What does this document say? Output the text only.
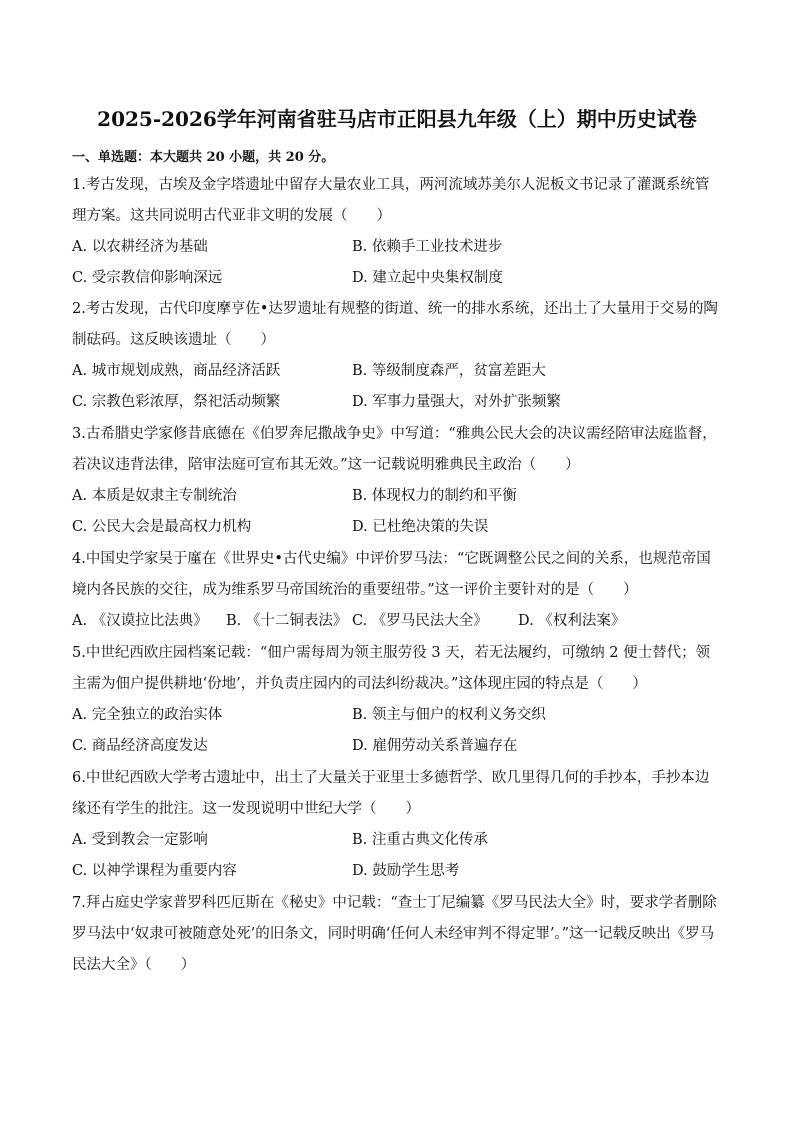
2025-2026学年河南省驻马店市正阳县九年级（上）期中历史试卷
一、单选题：本大题共 20 小题，共 20 分。
1.考古发现，古埃及金字塔遗址中留存大量农业工具，两河流域苏美尔人泥板文书记录了灌溉系统管理方案。这共同说明古代亚非文明的发展（　　）
A. 以农耕经济为基础	B. 依赖手工业技术进步
C. 受宗教信仰影响深远	D. 建立起中央集权制度
2.考古发现，古代印度摩亨佐•达罗遗址有规整的街道、统一的排水系统，还出土了大量用于交易的陶制砝码。这反映该遗址（　　）
A. 城市规划成熟，商品经济活跃	B. 等级制度森严，贫富差距大
C. 宗教色彩浓厚，祭祀活动频繁	D. 军事力量强大，对外扩张频繁
3.古希腊史学家修昔底德在《伯罗奔尼撒战争史》中写道：“雅典公民大会的决议需经陪审法庭监督，若决议违背法律，陪审法庭可宣布其无效。”这一记载说明雅典民主政治（　　）
A. 本质是奴隶主专制统治	B. 体现权力的制约和平衡
C. 公民大会是最高权力机构	D. 已杜绝决策的失误
4.中国史学家吴于廑在《世界史•古代史编》中评价罗马法：“它既调整公民之间的关系，也规范帝国境内各民族的交往，成为维系罗马帝国统治的重要纽带。”这一评价主要针对的是（　　）
A. 《汉谟拉比法典》 B. 《十二铜表法》 C. 《罗马民法大全》 D. 《权利法案》
5.中世纪西欧庄园档案记载：“佃户需每周为领主服劳役 3 天，若无法履约，可缴纳 2 便士替代；领主需为佃户提供耕地‘份地’，并负责庄园内的司法纠纷裁决。”这体现庄园的特点是（　　）
A. 完全独立的政治实体	B. 领主与佃户的权利义务交织
C. 商品经济高度发达	D. 雇佣劳动关系普遍存在
6.中世纪西欧大学考古遗址中，出土了大量关于亚里士多德哲学、欧几里得几何的手抄本，手抄本边缘还有学生的批注。这一发现说明中世纪大学（　　）
A. 受到教会一定影响	B. 注重古典文化传承
C. 以神学课程为重要内容	D. 鼓励学生思考
7.拜占庭史学家普罗科匹厄斯在《秘史》中记载：“查士丁尼编纂《罗马民法大全》时，要求学者删除罗马法中‘奴隶可被随意处死’的旧条文，同时明确‘任何人未经审判不得定罪’。”这一记载反映出《罗马民法大全》（　　）
